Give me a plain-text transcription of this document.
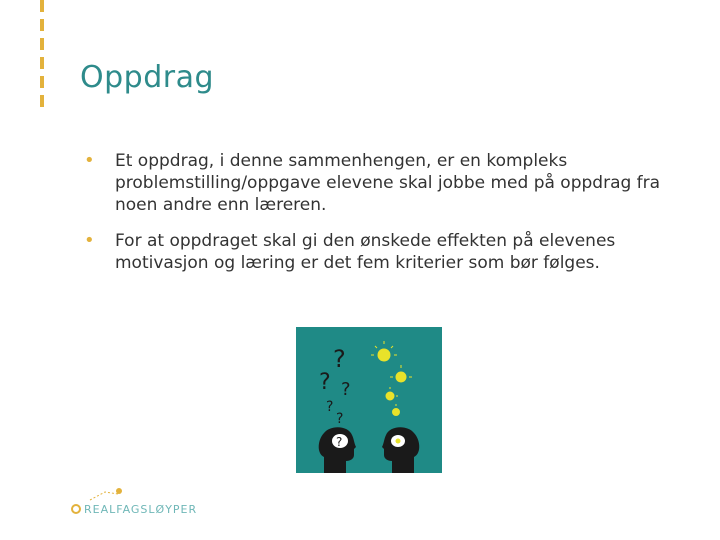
Oppdrag
• Et oppdrag, i denne sammenhengen, er en kompleks problemstilling/oppgave elevene skal jobbe med på oppdrag fra noen andre enn læreren.
• For at oppdraget skal gi den ønskede effekten på elevenes motivasjon og læring er det fem kriterier som bør følges.
?
? ?
?
?
?
REALFAGSLØYPER
